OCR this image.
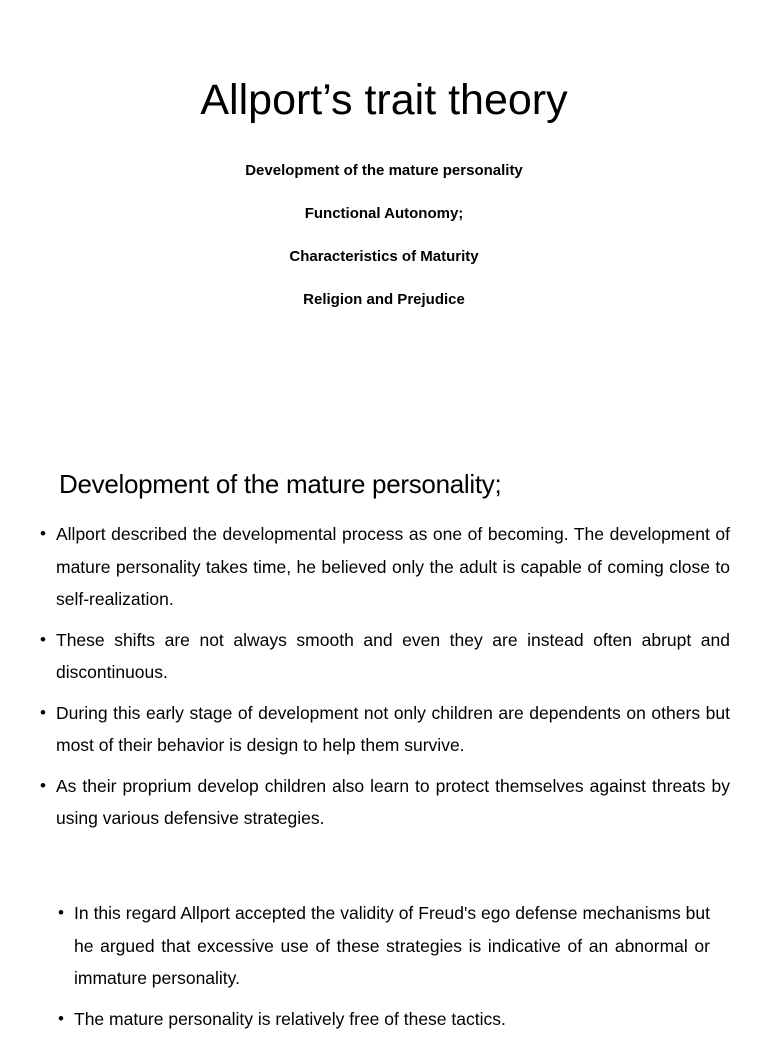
Allport’s trait theory
Development of the mature personality
Functional Autonomy;
Characteristics of Maturity
Religion and Prejudice
Development of the mature personality;
• Allport described the developmental process as one of becoming. The development of mature personality takes time, he believed only the adult is capable of coming close to self-realization.
• These shifts are not always smooth and even they are instead often abrupt and discontinuous.
• During this early stage of development not only children are dependents on others but most of their behavior is design to help them survive.
• As their proprium develop children also learn to protect themselves against threats by using various defensive strategies.
• In this regard Allport accepted the validity of Freud's ego defense mechanisms but he argued that excessive use of these strategies is indicative of an abnormal or immature personality.
• The mature personality is relatively free of these tactics.
